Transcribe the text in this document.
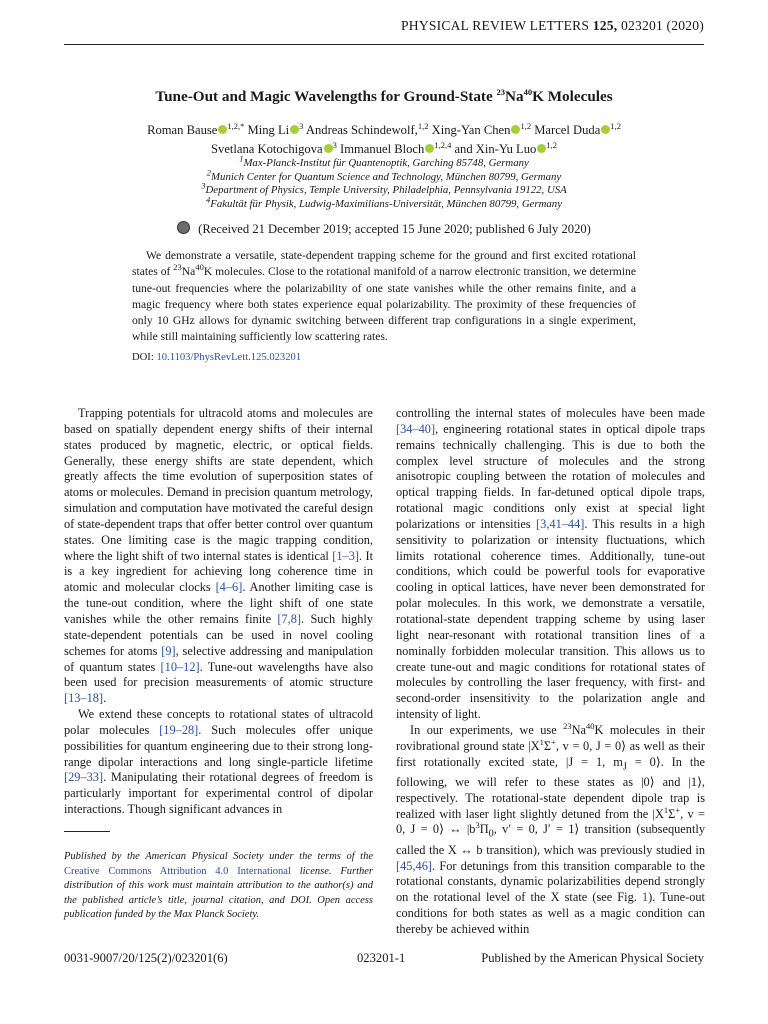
PHYSICAL REVIEW LETTERS 125, 023201 (2020)
Tune-Out and Magic Wavelengths for Ground-State $^{23}$Na$^{40}$K Molecules
Roman Bause $^{1,2,*}$ Ming Li $^3$ Andreas Schindewolf,$^{1,2}$ Xing-Yan Chen $^{1,2}$ Marcel Duda $^{1,2}$
Svetlana Kotochigova $^3$ Immanuel Bloch $^{1,2,4}$ and Xin-Yu Luo $^{1,2}$
$^1$Max-Planck-Institut für Quantenoptik, Garching 85748, Germany
$^2$Munich Center for Quantum Science and Technology, München 80799, Germany
$^3$Department of Physics, Temple University, Philadelphia, Pennsylvania 19122, USA
$^4$Fakultät für Physik, Ludwig-Maximilians-Universität, München 80799, Germany
(Received 21 December 2019; accepted 15 June 2020; published 6 July 2020)
We demonstrate a versatile, state-dependent trapping scheme for the ground and first excited rotational states of $^{23}$Na$^{40}$K molecules. Close to the rotational manifold of a narrow electronic transition, we determine tune-out frequencies where the polarizability of one state vanishes while the other remains finite, and a magic frequency where both states experience equal polarizability. The proximity of these frequencies of only 10 GHz allows for dynamic switching between different trap configurations in a single experiment, while still maintaining sufficiently low scattering rates.
DOI: 10.1103/PhysRevLett.125.023201

Trapping potentials for ultracold atoms and molecules are based on spatially dependent energy shifts of their internal states produced by magnetic, electric, or optical fields. Generally, these energy shifts are state dependent, which greatly affects the time evolution of superposition states of atoms or molecules. Demand in precision quantum metrology, simulation and computation have motivated the careful design of state-dependent traps that offer better control over quantum states. One limiting case is the magic trapping condition, where the light shift of two internal states is identical [1–3]. It is a key ingredient for achieving long coherence time in atomic and molecular clocks [4–6]. Another limiting case is the tune-out condition, where the light shift of one state vanishes while the other remains finite [7,8]. Such highly state-dependent potentials can be used in novel cooling schemes for atoms [9], selective addressing and manipulation of quantum states [10–12]. Tune-out wavelengths have also been used for precision measurements of atomic structure [13–18].

We extend these concepts to rotational states of ultracold polar molecules [19–28]. Such molecules offer unique possibilities for quantum engineering due to their strong long-range dipolar interactions and long single-particle lifetime [29–33]. Manipulating their rotational degrees of freedom is particularly important for experimental control of dipolar interactions. Though significant advances in

Published by the American Physical Society under the terms of the Creative Commons Attribution 4.0 International license. Further distribution of this work must maintain attribution to the author(s) and the published article’s title, journal citation, and DOI. Open access publication funded by the Max Planck Society.

controlling the internal states of molecules have been made [34–40], engineering rotational states in optical dipole traps remains technically challenging. This is due to both the complex level structure of molecules and the strong anisotropic coupling between the rotation of molecules and optical trapping fields. In far-detuned optical dipole traps, rotational magic conditions only exist at special light polarizations or intensities [3,41–44]. This results in a high sensitivity to polarization or intensity fluctuations, which limits rotational coherence times. Additionally, tune-out conditions, which could be powerful tools for evaporative cooling in optical lattices, have never been demonstrated for polar molecules. In this work, we demonstrate a versatile, rotational-state dependent trapping scheme by using laser light near-resonant with rotational transition lines of a nominally forbidden molecular transition. This allows us to create tune-out and magic conditions for rotational states of molecules by controlling the laser frequency, with first- and second-order insensitivity to the polarization angle and intensity of light.

In our experiments, we use $^{23}$Na$^{40}$K molecules in their rovibrational ground state $|X^1\Sigma^+$, v = 0, J = 0⟩ as well as their first rotationally excited state, |J = 1, $m_J$ = 0⟩. In the following, we will refer to these states as |0⟩ and |1⟩, respectively. The rotational-state dependent dipole trap is realized with laser light slightly detuned from the $|X^1\Sigma^+$, v = 0, J = 0⟩ ↔ $|b^3\Pi_0$, v′ = 0, J′ = 1⟩ transition (subsequently called the X ↔ b transition), which was previously studied in [45,46]. For detunings from this transition comparable to the rotational constants, dynamic polarizabilities depend strongly on the rotational level of the X state (see Fig. 1). Tune-out conditions for both states as well as a magic condition can thereby be achieved within

0031-9007/20/125(2)/023201(6)	023201-1	Published by the American Physical Society
